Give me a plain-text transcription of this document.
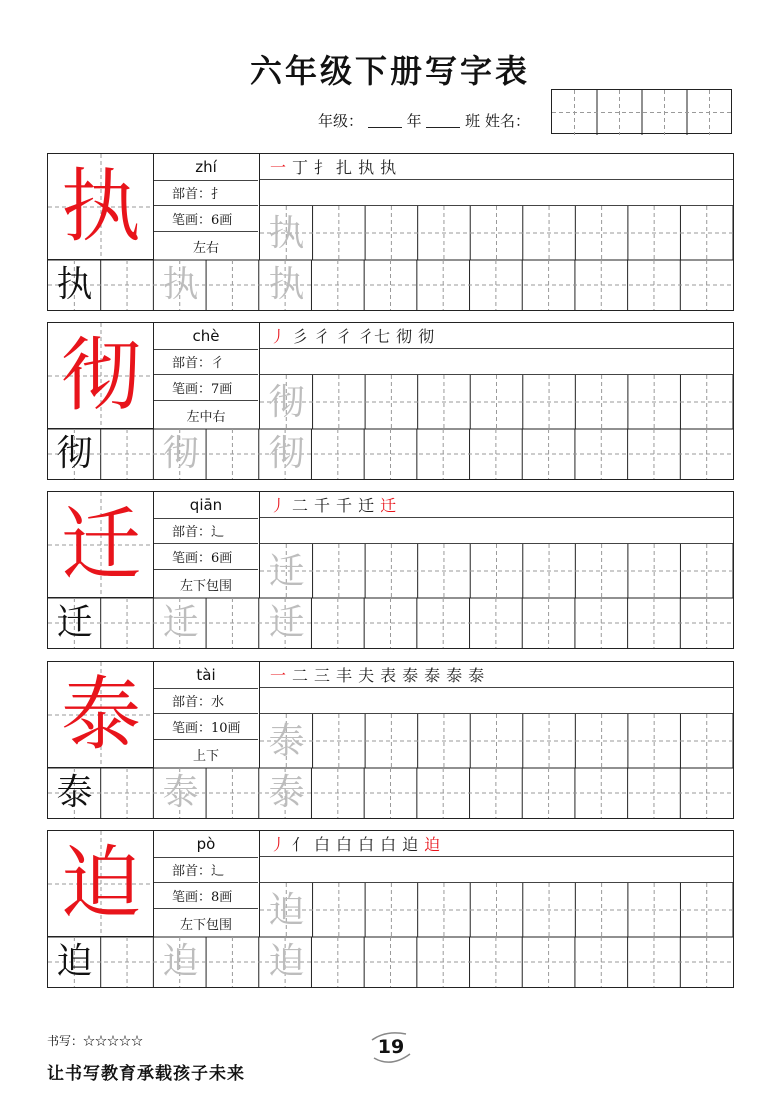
六年级下册写字表
年级：	年	班 姓名：
执	zhí
部首：扌
笔画：6画
左右
一 丁 扌 扎 执 执
执
执 执 执
彻	chè
部首：彳
笔画：7画
左中右
丿 彡 彳 彳 彳七 彻 彻
彻
彻 彻 彻
迁	qiān
部首：辶
笔画：6画
左下包围
丿 二 千 千 迁 迁
迁
迁 迁 迁
泰	tài
部首：水
笔画：10画
上下
一 二 三 丰 夫 表 泰 泰 泰 泰
泰
泰 泰 泰
迫	pò
部首：辶
笔画：8画
左下包围
丿 亻 白 白 白 白 迫 迫
迫
迫 迫 迫
书写：☆☆☆☆☆	19
让书写教育承载孩子未来
